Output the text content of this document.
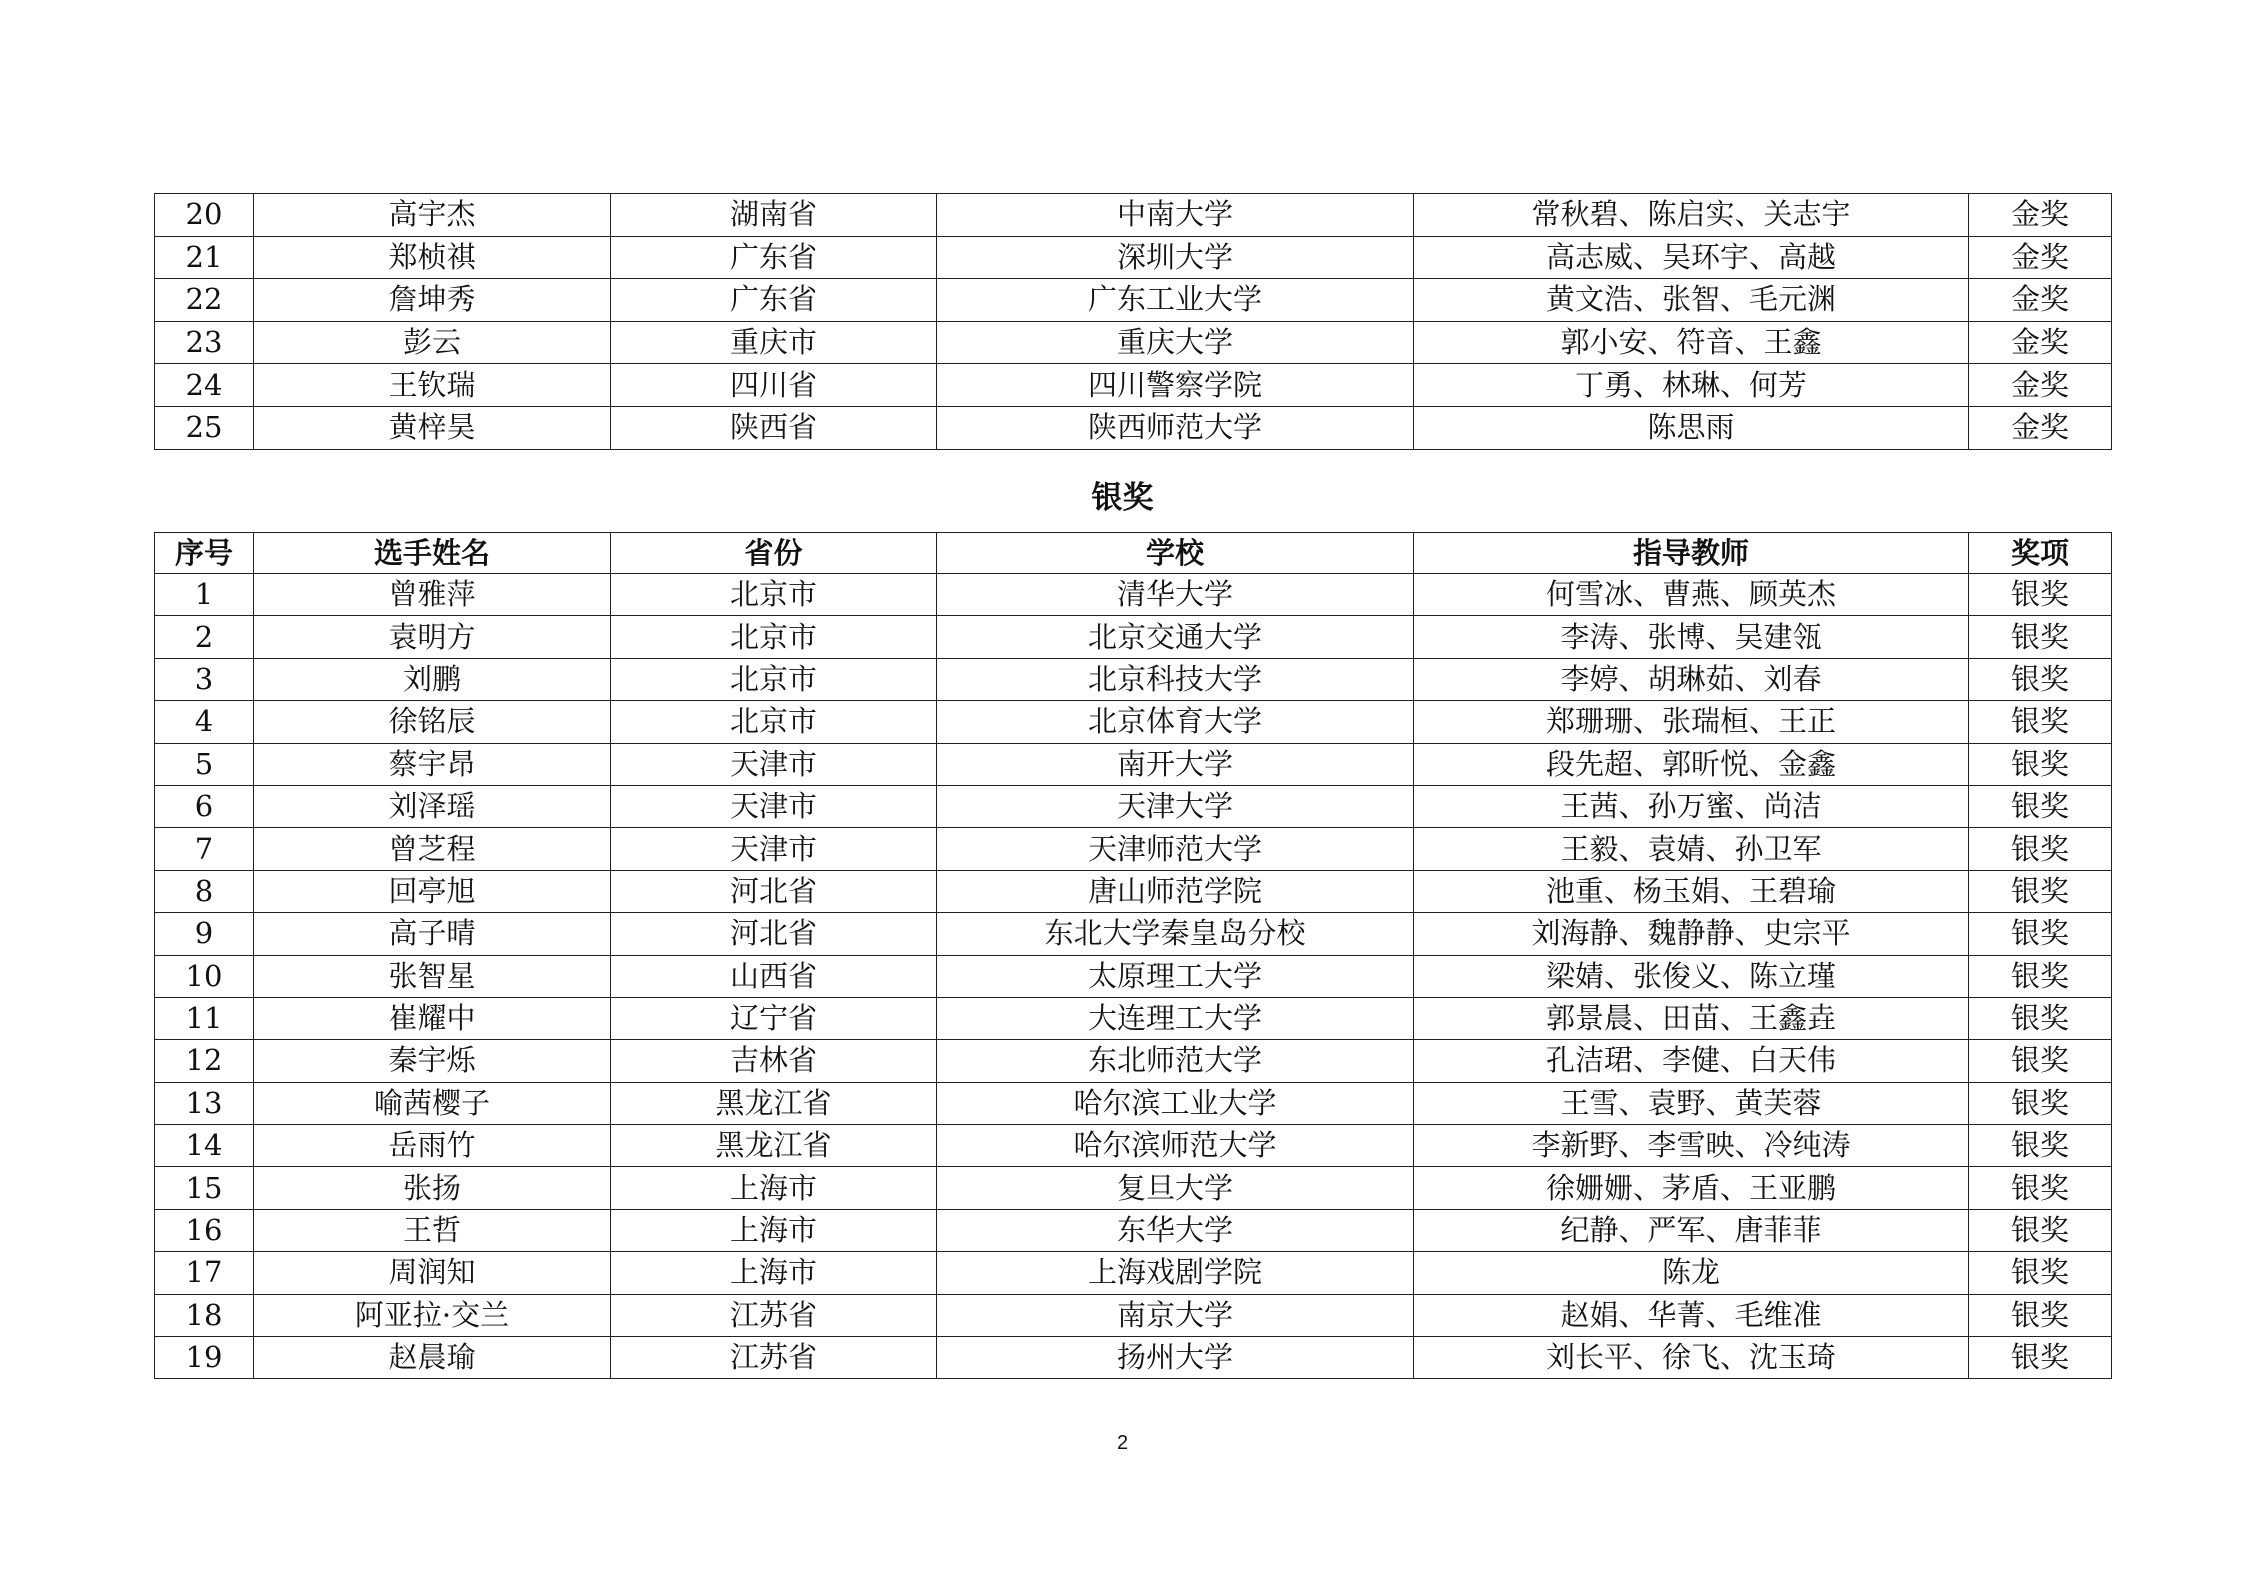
20	高宇杰	湖南省	中南大学	常秋碧、陈启实、关志宇	金奖
21	郑桢祺	广东省	深圳大学	高志威、吴环宇、高越	金奖
22	詹坤秀	广东省	广东工业大学	黄文浩、张智、毛元渊	金奖
23	彭云	重庆市	重庆大学	郭小安、符音、王鑫	金奖
24	王钦瑞	四川省	四川警察学院	丁勇、林琳、何芳	金奖
25	黄梓昊	陕西省	陕西师范大学	陈思雨	金奖
银奖
序号	选手姓名	省份	学校	指导教师	奖项
1	曾雅萍	北京市	清华大学	何雪冰、曹燕、顾英杰	银奖
2	袁明方	北京市	北京交通大学	李涛、张博、吴建瓴	银奖
3	刘鹏	北京市	北京科技大学	李婷、胡琳茹、刘春	银奖
4	徐铭辰	北京市	北京体育大学	郑珊珊、张瑞桓、王正	银奖
5	蔡宇昂	天津市	南开大学	段先超、郭昕悦、金鑫	银奖
6	刘泽瑶	天津市	天津大学	王茜、孙万蜜、尚洁	银奖
7	曾芝程	天津市	天津师范大学	王毅、袁婧、孙卫军	银奖
8	回亭旭	河北省	唐山师范学院	池重、杨玉娟、王碧瑜	银奖
9	高子晴	河北省	东北大学秦皇岛分校	刘海静、魏静静、史宗平	银奖
10	张智星	山西省	太原理工大学	梁婧、张俊义、陈立瑾	银奖
11	崔耀中	辽宁省	大连理工大学	郭景晨、田苗、王鑫垚	银奖
12	秦宇烁	吉林省	东北师范大学	孔洁珺、李健、白天伟	银奖
13	喻茜樱子	黑龙江省	哈尔滨工业大学	王雪、袁野、黄芙蓉	银奖
14	岳雨竹	黑龙江省	哈尔滨师范大学	李新野、李雪映、冷纯涛	银奖
15	张扬	上海市	复旦大学	徐姗姗、茅盾、王亚鹏	银奖
16	王哲	上海市	东华大学	纪静、严军、唐菲菲	银奖
17	周润知	上海市	上海戏剧学院	陈龙	银奖
18	阿亚拉·交兰	江苏省	南京大学	赵娟、华菁、毛维准	银奖
19	赵晨瑜	江苏省	扬州大学	刘长平、徐飞、沈玉琦	银奖
2
